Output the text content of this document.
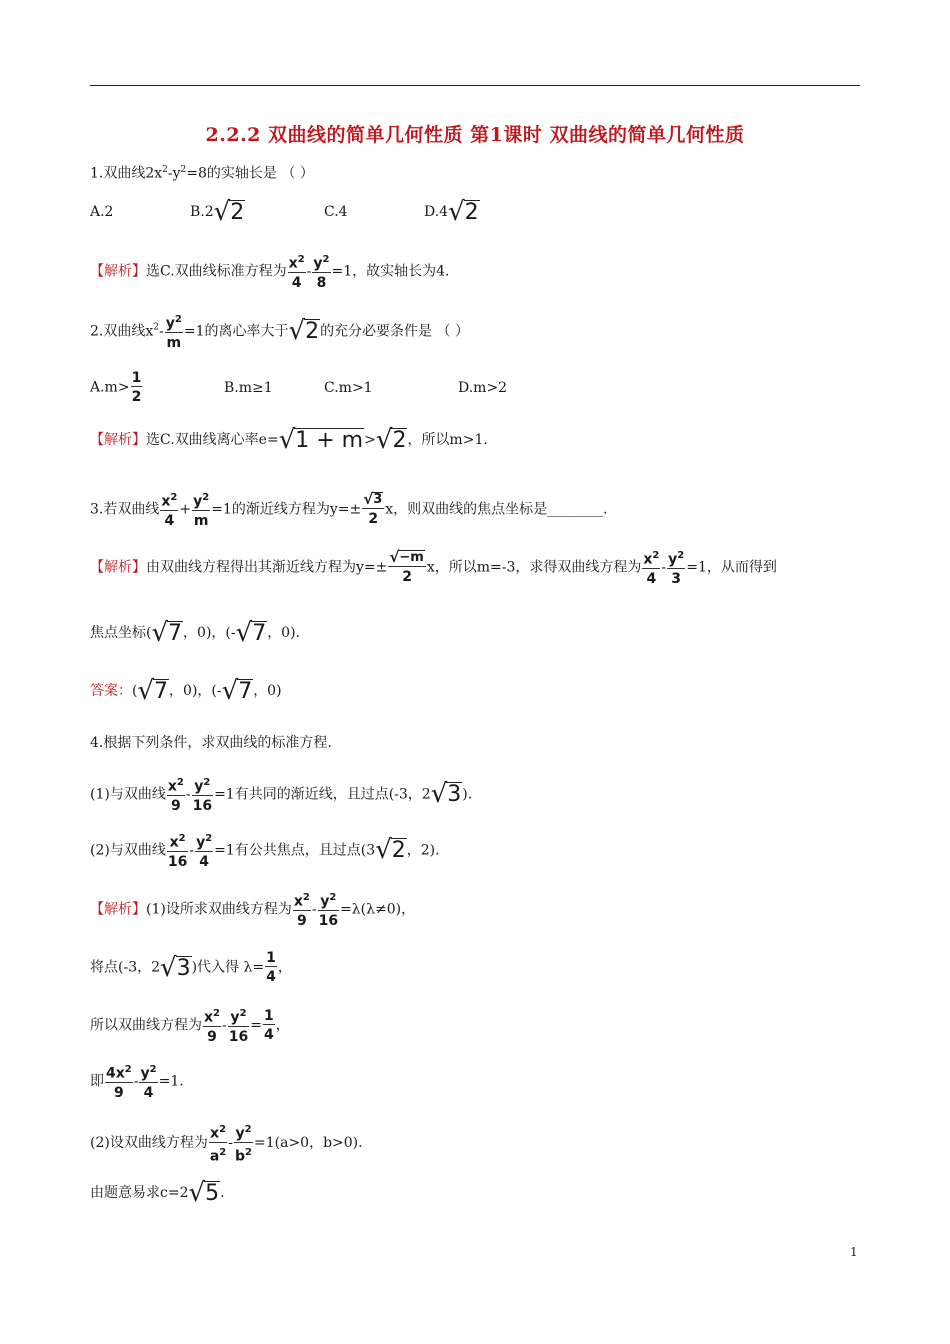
2.2.2 双曲线的简单几何性质 第1课时 双曲线的简单几何性质
1.双曲线$2x^2-y^2=8$的实轴长是 （ ）
A.2	B.2 √ 2	C.4	D.4 √ 2
【解析】选C.双曲线标准方程为 $\frac{x^2}{4} - \frac{y^2}{8} =1$，故实轴长为4.
2.双曲线$x^2- \frac{y^2}{m} =1$的离心率大于 √ 2 的充分必要条件是 （ ）
$A.m> \frac{1}{2}$	B.m≥1	C.m>1	D.m>2
【解析】选C.双曲线离心率e= √ 1 + m > √ 2 ，所以m>1.
3.若双曲线 $\frac{x^2}{4} + \frac{y^2}{m} =1$的渐近线方程为$y=\pm \frac{√ 3}{2}$ x，则双曲线的焦点坐标是________.
【解析】由双曲线方程得出其渐近线方程为$y=\pm \frac{√ -m}{2}$ x，所以m=-3，求得双曲线方程为 $\frac{x^2}{4} - \frac{y^2}{3} =1$，从而得到
焦点坐标( √ 7 ，0)，(- √ 7 ，0).
答案：( √ 7 ，0)，(- √ 7 ，0)
4.根据下列条件，求双曲线的标准方程.
(1)与双曲线 $\frac{x^2}{9} - \frac{y^2}{16} =1$有共同的渐近线，且过点(-3，2 √ 3 ).
(2)与双曲线 $\frac{x^2}{16} - \frac{y^2}{4} =1$有公共焦点，且过点(3 √ 2 ，2).
【解析】(1)设所求双曲线方程为 $\frac{x^2}{9} - \frac{y^2}{16} =\lambda(\lambda\ne 0)$，
将点(-3，2 √ 3 )代入得 $\lambda= \frac{1}{4}$ ，
所以双曲线方程为 $\frac{x^2}{9} - \frac{y^2}{16} = \frac{1}{4}$ ，
即 $\frac{4x^2}{9} - \frac{y^2}{4} =1$.
(2)设双曲线方程为 $\frac{x^2}{a^2} - \frac{y^2}{b^2} =1(a>0$，b>0).
由题意易求c=2 √ 5 .
1
